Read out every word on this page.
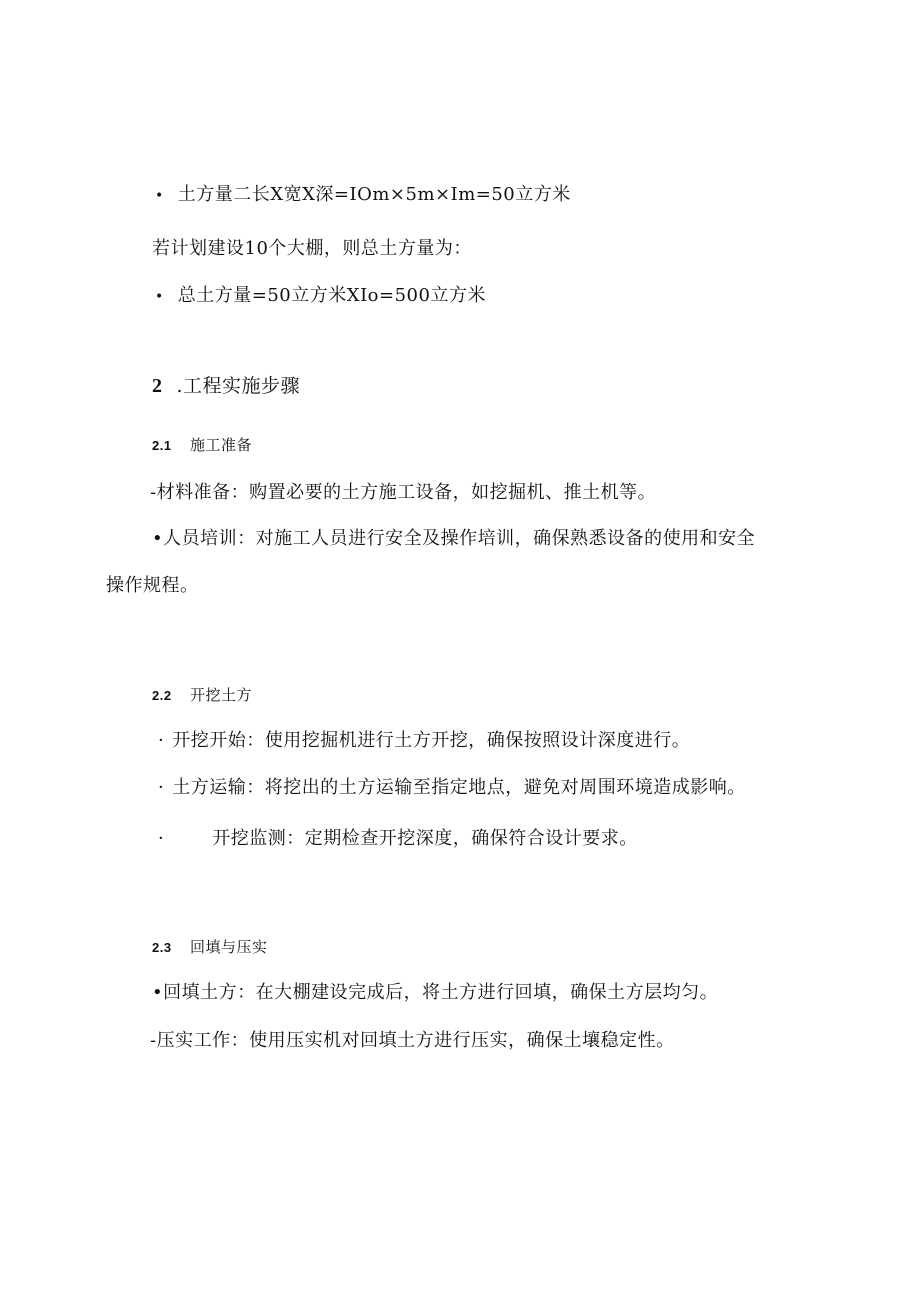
• 土方量二长X宽X深=IOm×5m×Im=50立方米
若计划建设10个大棚，则总土方量为：
• 总土方量=50立方米XIo=500立方米
2 .工程实施步骤
2.1 施工准备
-材料准备：购置必要的土方施工设备，如挖掘机、推土机等。
•人员培训：对施工人员进行安全及操作培训，确保熟悉设备的使用和安全
操作规程。
2.2 开挖土方
· 开挖开始：使用挖掘机进行土方开挖，确保按照设计深度进行。
· 土方运输：将挖出的土方运输至指定地点，避免对周围环境造成影响。
·	开挖监测：定期检查开挖深度，确保符合设计要求。
2.3 回填与压实
•回填土方：在大棚建设完成后，将土方进行回填，确保土方层均匀。
-压实工作：使用压实机对回填土方进行压实，确保土壤稳定性。
